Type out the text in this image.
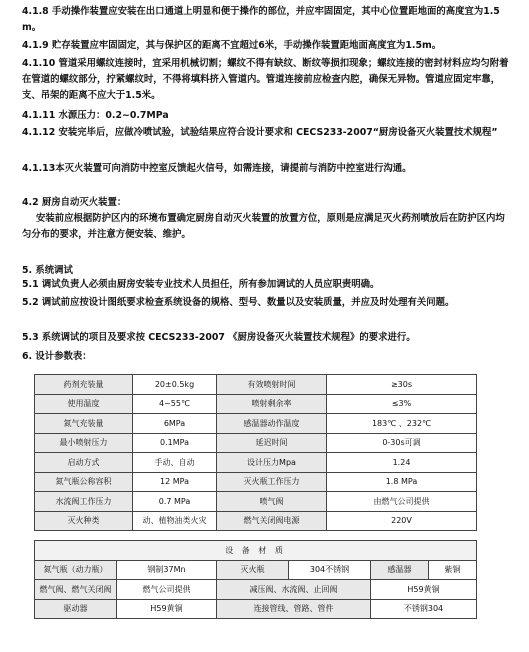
4.1.8 手动操作装置应安装在出口通道上明显和便于操作的部位，并应牢固固定，其中心位置距地面的高度宜为1.5 m。
4.1.9 贮存装置应牢固固定，其与保护区的距离不宜超过6米，手动操作装置距地面高度宜为1.5m。
4.1.10 管道采用螺纹连接时，宜采用机械切割；螺纹不得有缺纹、断纹等损扣现象；螺纹连接的密封材料应均匀附着在管道的螺纹部分，拧紧螺纹时，不得将填料挤入管道内。管道连接前应检查内腔，确保无异物。管道应固定牢靠，支、吊架的距离不应大于1.5米。
4.1.11 水源压力：0.2~0.7MPa
4.1.12 安装完毕后，应做冷喷试验，试验结果应符合设计要求和 CECS233-2007“厨房设备灭火装置技术规程”
4.1.13本灭火装置可向消防中控室反馈起火信号，如需连接，请提前与消防中控室进行沟通。
4.2 厨房自动灭火装置：
安装前应根据防护区内的环境布置确定厨房自动灭火装置的放置方位，原则是应满足灭火药剂喷放后在防护区内均匀分布的要求，并注意方便安装、维护。
5. 系统调试
5.1 调试负责人必须由厨房安装专业技术人员担任，所有参加调试的人员应职责明确。
5.2 调试前应按设计图纸要求检查系统设备的规格、型号、数量以及安装质量，并应及时处理有关问题。
5.3 系统调试的项目及要求按 CECS233-2007 《厨房设备灭火装置技术规程》的要求进行。
6. 设计参数表：
药剂充装量	20±0.5kg	有效喷射时间	≥30s
使用温度	4~55℃	喷射剩余率	≤3%
氮气充装量	6MPa	感温器动作温度	183℃ 、232℃
最小喷射压力	0.1MPa	延迟时间	0-30s可调
启动方式	手动、自动	设计压力Mpa	1.24
氮气瓶公称容积	12 MPa	灭火瓶工作压力	1.8 MPa
水流阀工作压力	0.7 MPa	喷气阀	由燃气公司提供
灭火种类	动、植物油类火灾	燃气关闭阀电源	220V
设 备 材 质					
氮气瓶（动力瓶）	钢制37Mn	灭火瓶	304不锈钢	感温器	紫铜
燃气阀、燃气关闭阀	燃气公司提供	减压阀、水流阀、止回阀		H59黄铜	
驱动器	H59黄铜	连接管线、管路、管件		不锈钢304	
